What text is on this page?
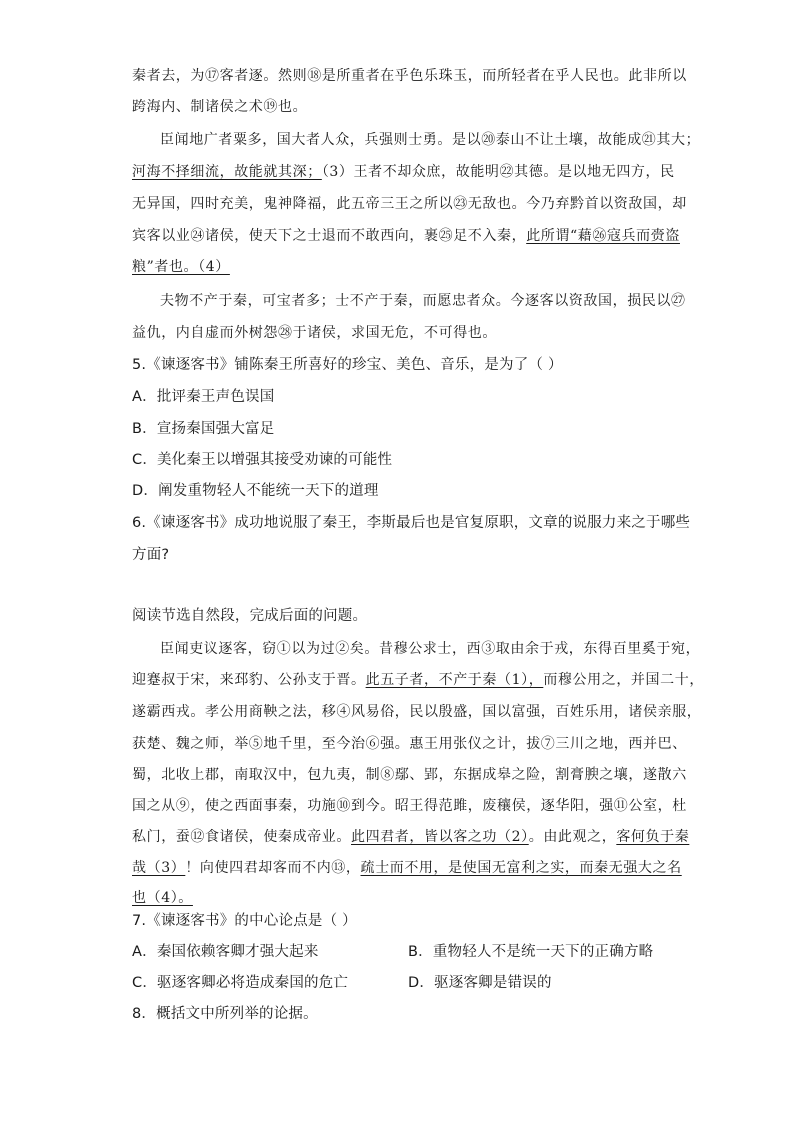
秦者去，为⑰客者逐。然则⑱是所重者在乎色乐珠玉，而所轻者在乎人民也。此非所以
跨海内、制诸侯之术⑲也。
臣闻地广者粟多，国大者人众，兵强则士勇。是以⑳泰山不让土壤，故能成㉑其大；
河海不择细流，故能就其深；（3）王者不却众庶，故能明㉒其德。是以地无四方，民
无异国，四时充美，鬼神降福，此五帝三王之所以㉓无敌也。今乃弃黔首以资敌国，却
宾客以业㉔诸侯，使天下之士退而不敢西向，裹㉕足不入秦，此所谓“藉㉖寇兵而赍盗
粮”者也。（4）
夫物不产于秦，可宝者多；士不产于秦，而愿忠者众。今逐客以资敌国，损民以㉗
益仇，内自虚而外树怨㉘于诸侯，求国无危，不可得也。
5.《谏逐客书》铺陈秦王所喜好的珍宝、美色、音乐，是为了（ ）
A．批评秦王声色误国
B．宣扬秦国强大富足
C．美化秦王以增强其接受劝谏的可能性
D．阐发重物轻人不能统一天下的道理
6.《谏逐客书》成功地说服了秦王，李斯最后也是官复原职，文章的说服力来之于哪些
方面?
阅读节选自然段，完成后面的问题。
臣闻吏议逐客，窃①以为过②矣。昔穆公求士，西③取由余于戎，东得百里奚于宛，
迎蹇叔于宋，来邳豹、公孙支于晋。此五子者，不产于秦（1），而穆公用之，并国二十，
遂霸西戎。孝公用商鞅之法，移④风易俗，民以殷盛，国以富强，百姓乐用，诸侯亲服，
获楚、魏之师，举⑤地千里，至今治⑥强。惠王用张仪之计，拔⑦三川之地，西并巴、
蜀，北收上郡，南取汉中，包九夷，制⑧鄢、郢，东据成皋之险，割膏腴之壤，遂散六
国之从⑨，使之西面事秦，功施⑩到今。昭王得范雎，废穰侯，逐华阳，强⑪公室，杜
私门，蚕⑫食诸侯，使秦成帝业。此四君者，皆以客之功（2）。由此观之，客何负于秦
哉（3）！向使四君却客而不内⑬，疏士而不用，是使国无富利之实，而秦无强大之名
也（4）。
7.《谏逐客书》的中心论点是（ ）
A．秦国依赖客卿才强大起来	B．重物轻人不是统一天下的正确方略
C．驱逐客卿必将造成秦国的危亡	D．驱逐客卿是错误的
8．概括文中所列举的论据。
